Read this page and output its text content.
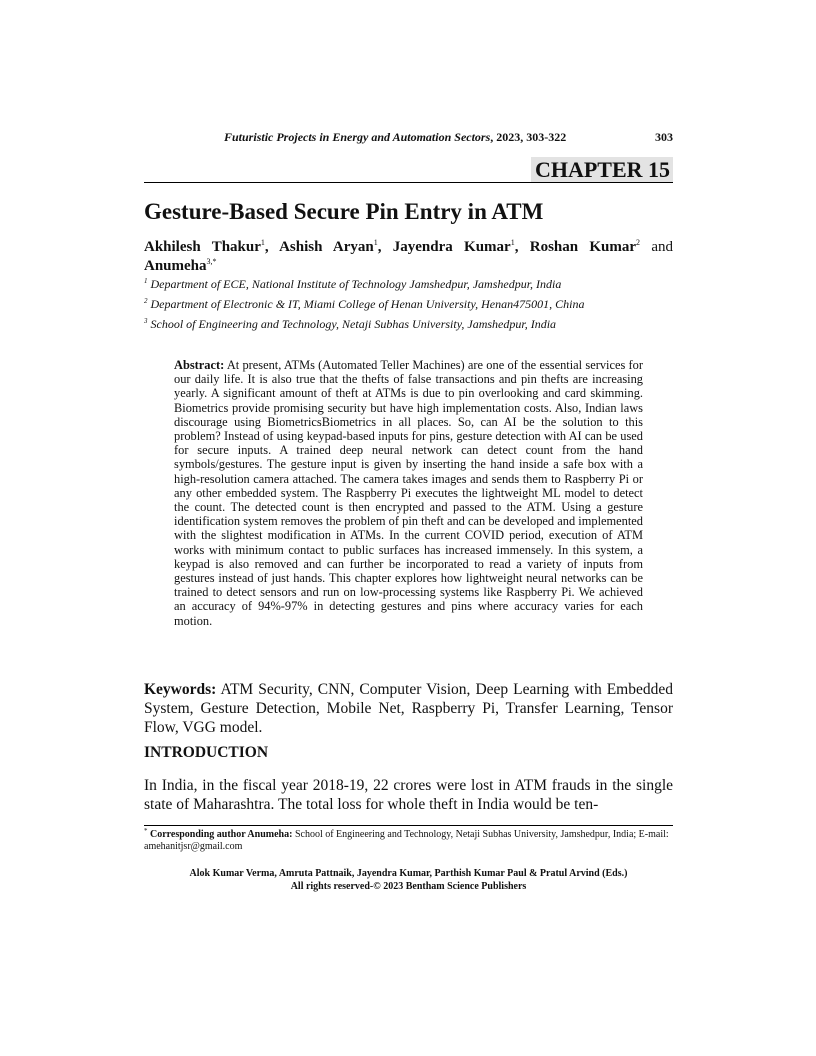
Futuristic Projects in Energy and Automation Sectors, 2023, 303-322	303
CHAPTER 15
Gesture-Based Secure Pin Entry in ATM
Akhilesh Thakur$^1$, Ashish Aryan$^1$, Jayendra Kumar$^1$, Roshan Kumar$^2$ and Anumeha$^{3,*}$
$^1$ Department of ECE, National Institute of Technology Jamshedpur, Jamshedpur, India
$^2$ Department of Electronic & IT, Miami College of Henan University, Henan475001, China
$^3$ School of Engineering and Technology, Netaji Subhas University, Jamshedpur, India
Abstract: At present, ATMs (Automated Teller Machines) are one of the essential services for our daily life. It is also true that the thefts of false transactions and pin thefts are increasing yearly. A significant amount of theft at ATMs is due to pin overlooking and card skimming. Biometrics provide promising security but have high implementation costs. Also, Indian laws discourage using BiometricsBiometrics in all places. So, can AI be the solution to this problem? Instead of using keypad-based inputs for pins, gesture detection with AI can be used for secure inputs. A trained deep neural network can detect count from the hand symbols/gestures. The gesture input is given by inserting the hand inside a safe box with a high-resolution camera attached. The camera takes images and sends them to Raspberry Pi or any other embedded system. The Raspberry Pi executes the lightweight ML model to detect the count. The detected count is then encrypted and passed to the ATM. Using a gesture identification system removes the problem of pin theft and can be developed and implemented with the slightest modification in ATMs. In the current COVID period, execution of ATM works with minimum contact to public surfaces has increased immensely. In this system, a keypad is also removed and can further be incorporated to read a variety of inputs from gestures instead of just hands. This chapter explores how lightweight neural networks can be trained to detect sensors and run on low-processing systems like Raspberry Pi. We achieved an accuracy of 94%-97% in detecting gestures and pins where accuracy varies for each motion.
Keywords: ATM Security, CNN, Computer Vision, Deep Learning with Embedded System, Gesture Detection, Mobile Net, Raspberry Pi, Transfer Learning, Tensor Flow, VGG model.
INTRODUCTION
In India, in the fiscal year 2018-19, 22 crores were lost in ATM frauds in the single state of Maharashtra. The total loss for whole theft in India would be ten-
* Corresponding author Anumeha: School of Engineering and Technology, Netaji Subhas University, Jamshedpur, India; E-mail: amehanitjsr@gmail.com
Alok Kumar Verma, Amruta Pattnaik, Jayendra Kumar, Parthish Kumar Paul & Pratul Arvind (Eds.)
All rights reserved-© 2023 Bentham Science Publishers
